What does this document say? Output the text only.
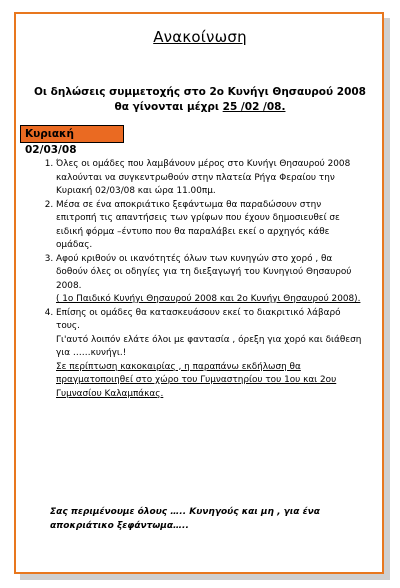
Ανακοίνωση
Οι δηλώσεις συμμετοχής στο 2ο Κυνήγι Θησαυρού 2008
θα γίνονται μέχρι 25 /02 /08.
Κυριακή 02/03/08
1. Όλες οι ομάδες που λαμβάνουν μέρος στο Κυνήγι Θησαυρού 2008 καλούνται να συγκεντρωθούν στην πλατεία Ρήγα Φεραίου την Κυριακή 02/03/08 και ώρα 11.00πμ.
2. Μέσα σε ένα αποκριάτικο ξεφάντωμα θα παραδώσουν στην επιτροπή τις απαντήσεις των γρίφων που έχουν δημοσιευθεί σε ειδική φόρμα –έντυπο που θα παραλάβει εκεί ο αρχηγός κάθε ομάδας.
3. Αφού κριθούν οι ικανότητές όλων των κυνηγών στο χορό , θα δοθούν όλες οι οδηγίες για τη διεξαγωγή του Κυνηγιού Θησαυρού 2008.
( 1ο Παιδικό Κυνήγι Θησαυρού 2008 και 2ο Κυνήγι Θησαυρού 2008).
4. Επίσης οι ομάδες θα κατασκευάσουν εκεί το διακριτικό λάβαρό τους.
Γι'αυτό λοιπόν ελάτε όλοι με φαντασία , όρεξη για χορό και διάθεση για ……κυνήγι.!
Σε περίπτωση κακοκαιρίας , η παραπάνω εκδήλωση θα πραγματοποιηθεί στο χώρο του Γυμναστηρίου του 1ου και 2ου Γυμνασίου Καλαμπάκας.
Σας περιμένουμε όλους ….. Κυνηγούς και μη , για ένα αποκριάτικο ξεφάντωμα…..
